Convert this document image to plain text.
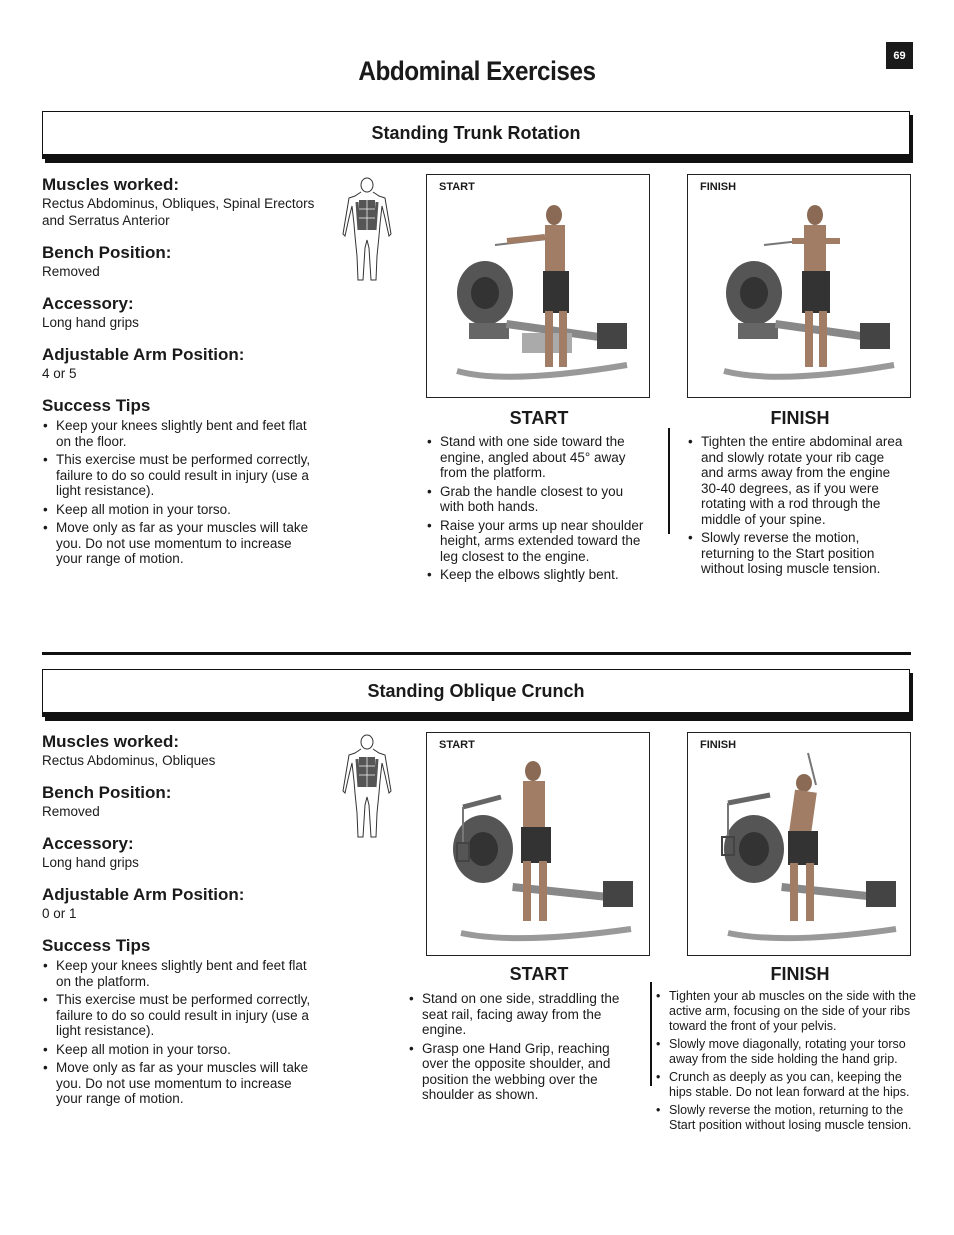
69
Abdominal Exercises
Standing Trunk Rotation

Muscles worked:

Rectus Abdominus, Obliques, Spinal Erectors and Serratus Anterior

Bench Position:

Removed

Accessory:

Long hand grips

Adjustable Arm Position:

4 or 5

Success Tips

• Keep your knees slightly bent and feet flat on the floor.
• This exercise must be performed correctly, failure to do so could result in injury (use a light resistance).
• Keep all motion in your torso.
• Move only as far as your muscles will take you. Do not use momentum to increase your range of motion.
START	FINISH
START
• Stand with one side toward the engine, angled about 45° away from the platform.
• Grab the handle closest to you with both hands.
• Raise your arms up near shoulder height, arms extended toward the leg closest to the engine.
• Keep the elbows slightly bent.
FINISH
• Tighten the entire abdominal area and slowly rotate your rib cage and arms away from the engine 30-40 degrees, as if you were rotating with a rod through the middle of your spine.
• Slowly reverse the motion, returning to the Start position without losing muscle tension.
Standing Oblique Crunch

Muscles worked:

Rectus Abdominus, Obliques

Bench Position:

Removed

Accessory:

Long hand grips

Adjustable Arm Position:

0 or 1

Success Tips

• Keep your knees slightly bent and feet flat on the platform.
• This exercise must be performed correctly, failure to do so could result in injury (use a light resistance).
• Keep all motion in your torso.
• Move only as far as your muscles will take you. Do not use momentum to increase your range of motion.
START	FINISH
START
• Stand on one side, straddling the seat rail, facing away from the engine.
• Grasp one Hand Grip, reaching over the opposite shoulder, and position the webbing over the shoulder as shown.
FINISH
• Tighten your ab muscles on the side with the active arm, focusing on the side of your ribs toward the front of your pelvis.
• Slowly move diagonally, rotating your torso away from the side holding the hand grip.
• Crunch as deeply as you can, keeping the hips stable. Do not lean forward at the hips.
• Slowly reverse the motion, returning to the Start position without losing muscle tension.
